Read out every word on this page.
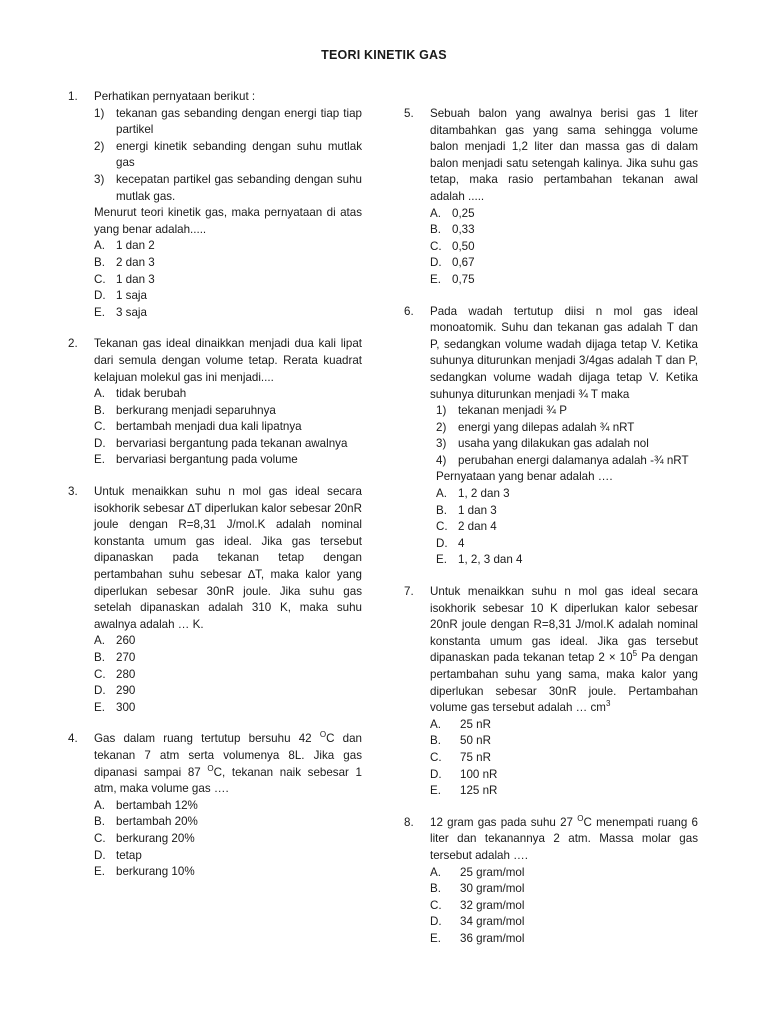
TEORI KINETIK GAS
1. Perhatikan pernyataan berikut :

1) tekanan gas sebanding dengan energi tiap tiap partikel

2) energi kinetik sebanding dengan suhu mutlak gas

3) kecepatan partikel gas sebanding dengan suhu mutlak gas.

Menurut teori kinetik gas, maka pernyataan di atas yang benar adalah.....

A. 1 dan 2
B. 2 dan 3
C. 1 dan 3
D. 1 saja
E. 3 saja
2. Tekanan gas ideal dinaikkan menjadi dua kali lipat dari semula dengan volume tetap. Rerata kuadrat kelajuan molekul gas ini menjadi....

A. tidak berubah
B. berkurang menjadi separuhnya
C. bertambah menjadi dua kali lipatnya
D. bervariasi bergantung pada tekanan awalnya
E. bervariasi bergantung pada volume
3. Untuk menaikkan suhu n mol gas ideal secara isokhorik sebesar ∆T diperlukan kalor sebesar 20nR joule dengan R=8,31 J/mol.K adalah nominal konstanta umum gas ideal. Jika gas tersebut dipanaskan pada tekanan tetap dengan pertambahan suhu sebesar ∆T, maka kalor yang diperlukan sebesar 30nR joule. Jika suhu gas setelah dipanaskan adalah 310 K, maka suhu awalnya adalah … K.

A. 260
B. 270
C. 280
D. 290
E. 300
4. Gas dalam ruang tertutup bersuhu 42 $^O$C dan tekanan 7 atm serta volumenya 8L. Jika gas dipanasi sampai 87 $^O$C, tekanan naik sebesar 1 atm, maka volume gas ….

A. bertambah 12%
B. bertambah 20%
C. berkurang 20%
D. tetap
E. berkurang 10%
5. Sebuah balon yang awalnya berisi gas 1 liter ditambahkan gas yang sama sehingga volume balon menjadi 1,2 liter dan massa gas di dalam balon menjadi satu setengah kalinya. Jika suhu gas tetap, maka rasio pertambahan tekanan awal adalah .....

A. 0,25
B. 0,33
C. 0,50
D. 0,67
E. 0,75
6. Pada wadah tertutup diisi n mol gas ideal monoatomik. Suhu dan tekanan gas adalah T dan P, sedangkan volume wadah dijaga tetap V. Ketika suhunya diturunkan menjadi 3/4gas adalah T dan P, sedangkan volume wadah dijaga tetap V. Ketika suhunya diturunkan menjadi ¾ T maka

1) tekanan menjadi ¾ P
2) energi yang dilepas adalah ¾ nRT
3) usaha yang dilakukan gas adalah nol
4) perubahan energi dalamanya adalah -¾ nRT

Pernyataan yang benar adalah ….

A. 1, 2 dan 3
B. 1 dan 3
C. 2 dan 4
D. 4
E. 1, 2, 3 dan 4
7. Untuk menaikkan suhu n mol gas ideal secara isokhorik sebesar 10 K diperlukan kalor sebesar 20nR joule dengan R=8,31 J/mol.K adalah nominal konstanta umum gas ideal. Jika gas tersebut dipanaskan pada tekanan tetap $2 \times 10^5$ Pa dengan pertambahan suhu yang sama, maka kalor yang diperlukan sebesar 30nR joule. Pertambahan volume gas tersebut adalah … $cm^3$

A. 25 nR
B. 50 nR
C. 75 nR
D. 100 nR
E. 125 nR
8. 12 gram gas pada suhu 27 $^O$C menempati ruang 6 liter dan tekanannya 2 atm. Massa molar gas tersebut adalah ….

A. 25 gram/mol
B. 30 gram/mol
C. 32 gram/mol
D. 34 gram/mol
E. 36 gram/mol
